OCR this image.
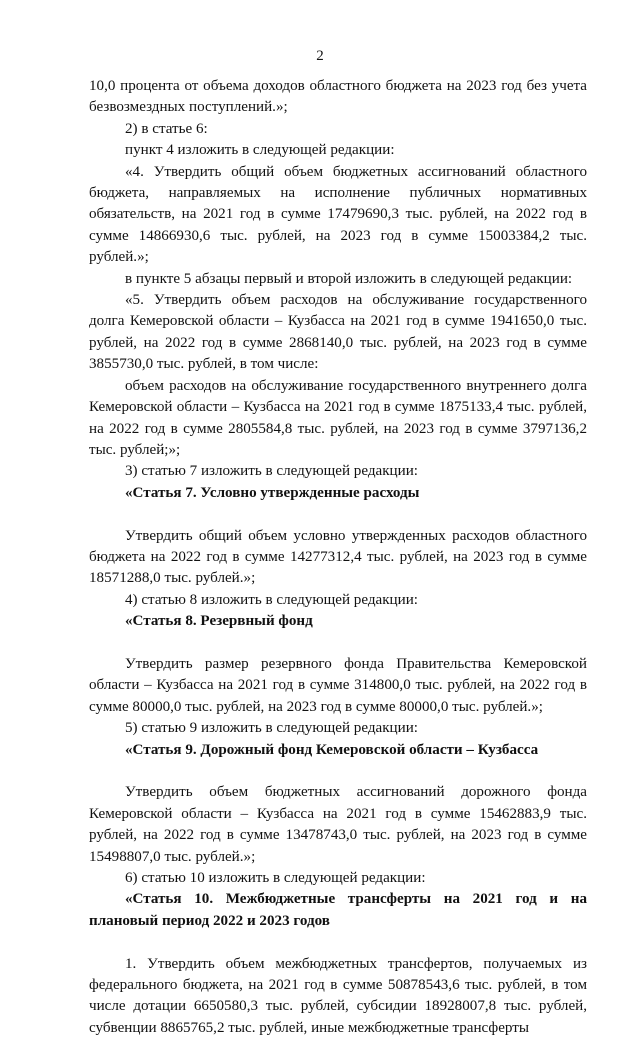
2

10,0 процента от объема доходов областного бюджета на 2023 год без учета безвозмездных поступлений.»;

2) в статье 6:

пункт 4 изложить в следующей редакции:

«4. Утвердить общий объем бюджетных ассигнований областного бюджета, направляемых на исполнение публичных нормативных обязательств, на 2021 год в сумме 17479690,3 тыс. рублей, на 2022 год в сумме 14866930,6 тыс. рублей, на 2023 год в сумме 15003384,2 тыс. рублей.»;

в пункте 5 абзацы первый и второй изложить в следующей редакции:

«5. Утвердить объем расходов на обслуживание государственного долга Кемеровской области – Кузбасса на 2021 год в сумме 1941650,0 тыс. рублей, на 2022 год в сумме 2868140,0 тыс. рублей, на 2023 год в сумме 3855730,0 тыс. рублей, в том числе:

объем расходов на обслуживание государственного внутреннего долга Кемеровской области – Кузбасса на 2021 год в сумме 1875133,4 тыс. рублей, на 2022 год в сумме 2805584,8 тыс. рублей, на 2023 год в сумме 3797136,2 тыс. рублей;»;

3) статью 7 изложить в следующей редакции:

«Статья 7. Условно утвержденные расходы

Утвердить общий объем условно утвержденных расходов областного бюджета на 2022 год в сумме 14277312,4 тыс. рублей, на 2023 год в сумме 18571288,0 тыс. рублей.»;

4) статью 8 изложить в следующей редакции:

«Статья 8. Резервный фонд

Утвердить размер резервного фонда Правительства Кемеровской области – Кузбасса на 2021 год в сумме 314800,0 тыс. рублей, на 2022 год в сумме 80000,0 тыс. рублей, на 2023 год в сумме 80000,0 тыс. рублей.»;

5) статью 9 изложить в следующей редакции:

«Статья 9. Дорожный фонд Кемеровской области – Кузбасса

Утвердить объем бюджетных ассигнований дорожного фонда Кемеровской области – Кузбасса на 2021 год в сумме 15462883,9 тыс. рублей, на 2022 год в сумме 13478743,0 тыс. рублей, на 2023 год в сумме 15498807,0 тыс. рублей.»;

6) статью 10 изложить в следующей редакции:

«Статья 10. Межбюджетные трансферты на 2021 год и на плановый период 2022 и 2023 годов

1. Утвердить объем межбюджетных трансфертов, получаемых из федерального бюджета, на 2021 год в сумме 50878543,6 тыс. рублей, в том числе дотации 6650580,3 тыс. рублей, субсидии 18928007,8 тыс. рублей, субвенции 8865765,2 тыс. рублей, иные межбюджетные трансферты
